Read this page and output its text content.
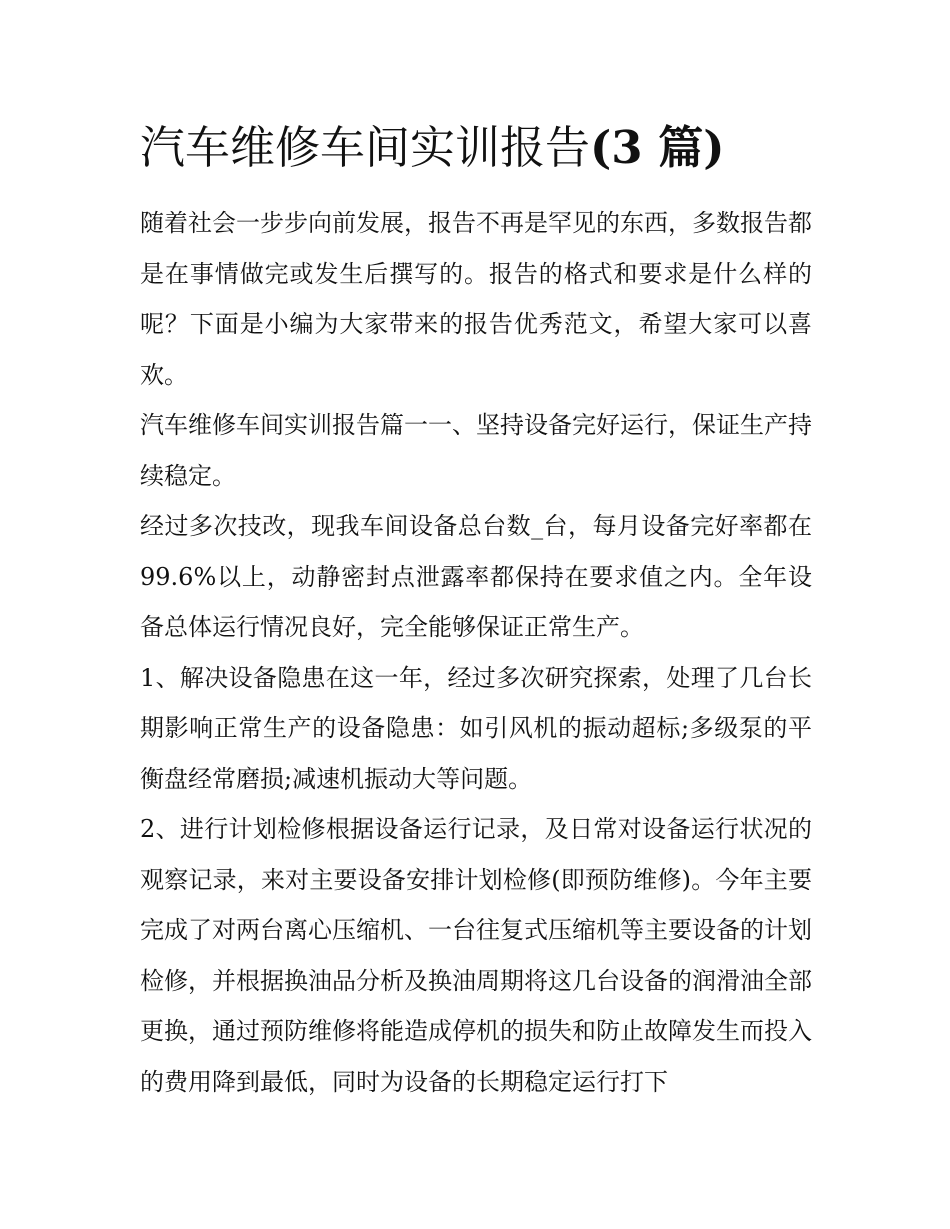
汽车维修车间实训报告(3 篇)

随着社会一步步向前发展，报告不再是罕见的东西，多数报告都是在事情做完或发生后撰写的。报告的格式和要求是什么样的呢？下面是小编为大家带来的报告优秀范文，希望大家可以喜欢。

汽车维修车间实训报告篇一一、坚持设备完好运行，保证生产持续稳定。

经过多次技改，现我车间设备总台数_台，每月设备完好率都在 99.6%以上，动静密封点泄露率都保持在要求值之内。全年设备总体运行情况良好，完全能够保证正常生产。

1、解决设备隐患在这一年，经过多次研究探索，处理了几台长期影响正常生产的设备隐患：如引风机的振动超标;多级泵的平衡盘经常磨损;减速机振动大等问题。

2、进行计划检修根据设备运行记录，及日常对设备运行状况的观察记录，来对主要设备安排计划检修(即预防维修)。今年主要完成了对两台离心压缩机、一台往复式压缩机等主要设备的计划检修，并根据换油品分析及换油周期将这几台设备的润滑油全部更换，通过预防维修将能造成停机的损失和防止故障发生而投入的费用降到最低，同时为设备的长期稳定运行打下
